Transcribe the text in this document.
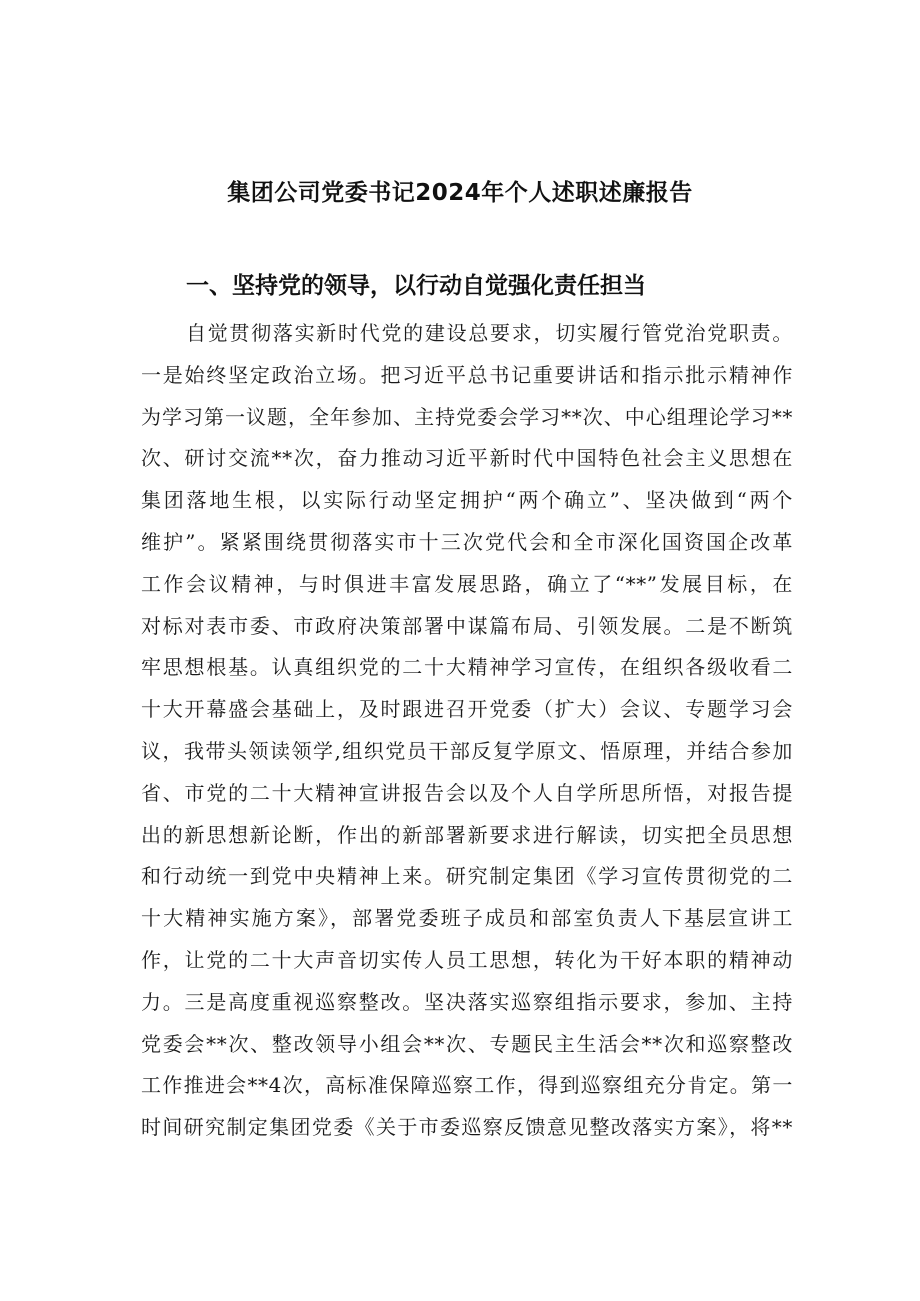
集团公司党委书记2024年个人述职述廉报告
一、坚持党的领导，以行动自觉强化责任担当
自觉贯彻落实新时代党的建设总要求，切实履行管党治党职责。
一是始终坚定政治立场。把习近平总书记重要讲话和指示批示精神作
为学习第一议题，全年参加、主持党委会学习**次、中心组理论学习**
次、研讨交流**次，奋力推动习近平新时代中国特色社会主义思想在
集团落地生根，以实际行动坚定拥护“两个确立”、坚决做到“两个
维护”。紧紧围绕贯彻落实市十三次党代会和全市深化国资国企改革
工作会议精神，与时俱进丰富发展思路，确立了“**”发展目标，在
对标对表市委、市政府决策部署中谋篇布局、引领发展。二是不断筑
牢思想根基。认真组织党的二十大精神学习宣传，在组织各级收看二
十大开幕盛会基础上，及时跟进召开党委（扩大）会议、专题学习会
议，我带头领读领学,组织党员干部反复学原文、悟原理，并结合参加
省、市党的二十大精神宣讲报告会以及个人自学所思所悟，对报告提
出的新思想新论断，作出的新部署新要求进行解读，切实把全员思想
和行动统一到党中央精神上来。研究制定集团《学习宣传贯彻党的二
十大精神实施方案》，部署党委班子成员和部室负责人下基层宣讲工
作，让党的二十大声音切实传人员工思想，转化为干好本职的精神动
力。三是高度重视巡察整改。坚决落实巡察组指示要求，参加、主持
党委会**次、整改领导小组会**次、专题民主生活会**次和巡察整改
工作推进会**4次，高标准保障巡察工作，得到巡察组充分肯定。第一
时间研究制定集团党委《关于市委巡察反馈意见整改落实方案》，将**
